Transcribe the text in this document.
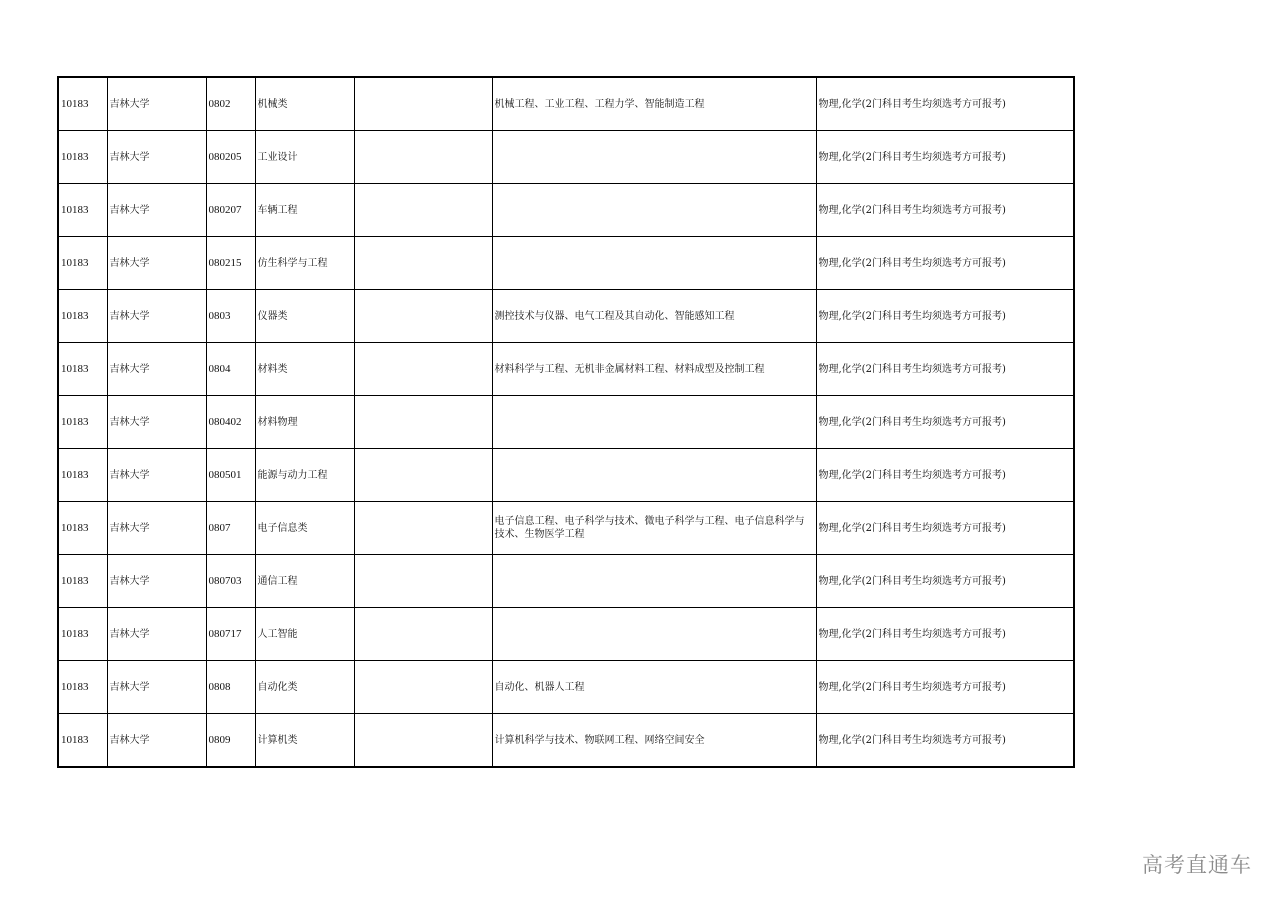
10183	吉林大学	0802	机械类		机械工程、工业工程、工程力学、智能制造工程	物理,化学(2门科目考生均须选考方可报考)
10183	吉林大学	080205	工业设计			物理,化学(2门科目考生均须选考方可报考)
10183	吉林大学	080207	车辆工程			物理,化学(2门科目考生均须选考方可报考)
10183	吉林大学	080215	仿生科学与工程			物理,化学(2门科目考生均须选考方可报考)
10183	吉林大学	0803	仪器类		测控技术与仪器、电气工程及其自动化、智能感知工程	物理,化学(2门科目考生均须选考方可报考)
10183	吉林大学	0804	材料类		材料科学与工程、无机非金属材料工程、材料成型及控制工程	物理,化学(2门科目考生均须选考方可报考)
10183	吉林大学	080402	材料物理			物理,化学(2门科目考生均须选考方可报考)
10183	吉林大学	080501	能源与动力工程			物理,化学(2门科目考生均须选考方可报考)
10183	吉林大学	0807	电子信息类		电子信息工程、电子科学与技术、微电子科学与工程、电子信息科学与技术、生物医学工程	物理,化学(2门科目考生均须选考方可报考)
10183	吉林大学	080703	通信工程			物理,化学(2门科目考生均须选考方可报考)
10183	吉林大学	080717	人工智能			物理,化学(2门科目考生均须选考方可报考)
10183	吉林大学	0808	自动化类		自动化、机器人工程	物理,化学(2门科目考生均须选考方可报考)
10183	吉林大学	0809	计算机类		计算机科学与技术、物联网工程、网络空间安全	物理,化学(2门科目考生均须选考方可报考)
高考直通车
